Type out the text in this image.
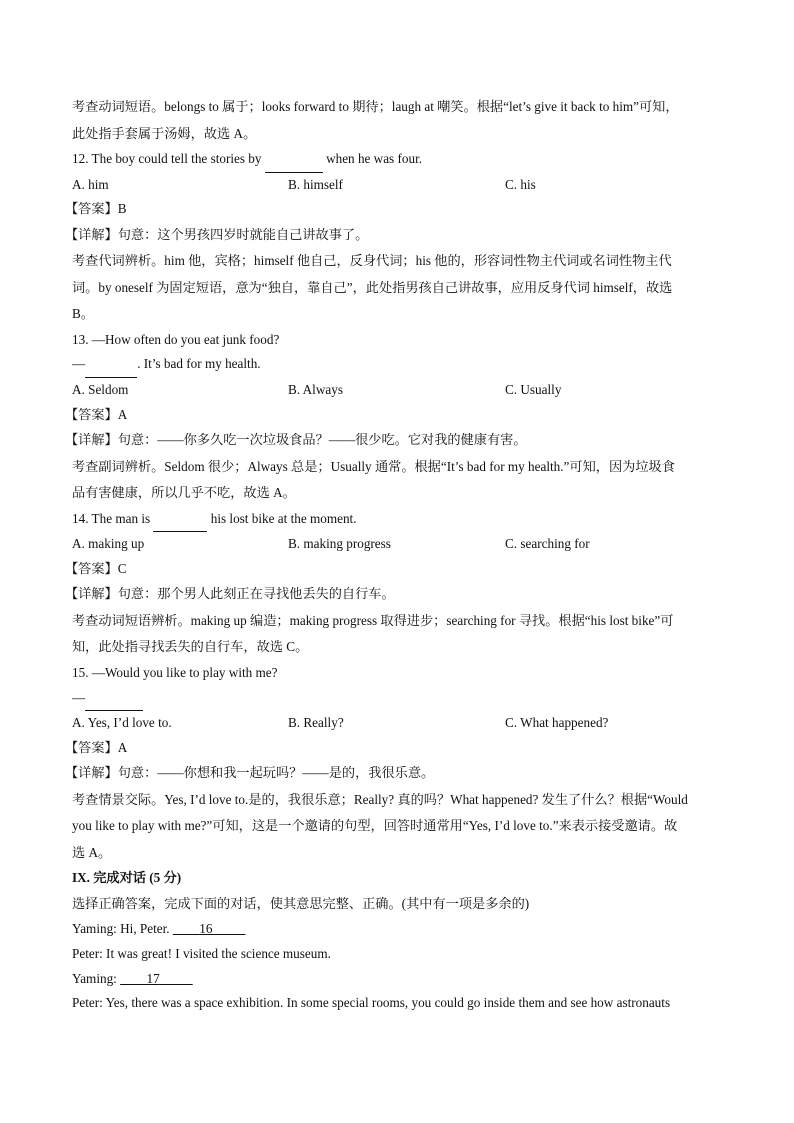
考查动词短语。belongs to 属于；looks forward to 期待；laugh at 嘲笑。根据“let’s give it back to him”可知，
此处指手套属于汤姆，故选 A。
12. The boy could tell the stories by	when he was four.
A. him	B. himself	C. his
【答案】B
【详解】句意：这个男孩四岁时就能自己讲故事了。
考查代词辨析。him 他，宾格；himself 他自己，反身代词；his 他的，形容词性物主代词或名词性物主代
词。by oneself 为固定短语，意为“独自，靠自己”，此处指男孩自己讲故事，应用反身代词 himself，故选
B。
13. —How often do you eat junk food?
—	. It’s bad for my health.
A. Seldom	B. Always	C. Usually
【答案】A
【详解】句意：——你多久吃一次垃圾食品？——很少吃。它对我的健康有害。
考查副词辨析。Seldom 很少；Always 总是；Usually 通常。根据“It’s bad for my health.”可知，因为垃圾食
品有害健康，所以几乎不吃，故选 A。
14. The man is	his lost bike at the moment.
A. making up	B. making progress	C. searching for
【答案】C
【详解】句意：那个男人此刻正在寻找他丢失的自行车。
考查动词短语辨析。making up 编造；making progress 取得进步；searching for 寻找。根据“his lost bike”可
知，此处指寻找丢失的自行车，故选 C。
15. —Would you like to play with me?
—
A. Yes, I’d love to.	B. Really?	C. What happened?
【答案】A
【详解】句意：——你想和我一起玩吗？——是的，我很乐意。
考查情景交际。Yes, I’d love to.是的，我很乐意；Really? 真的吗？What happened? 发生了什么？根据“Would
you like to play with me?”可知，这是一个邀请的句型，回答时通常用“Yes, I’d love to.”来表示接受邀请。故
选 A。
IX. 完成对话 (5 分)
选择正确答案，完成下面的对话，使其意思完整、正确。(其中有一项是多余的)
Yaming: Hi, Peter. 16
Peter: It was great! I visited the science museum.
Yaming: 17
Peter: Yes, there was a space exhibition. In some special rooms, you could go inside them and see how astronauts
